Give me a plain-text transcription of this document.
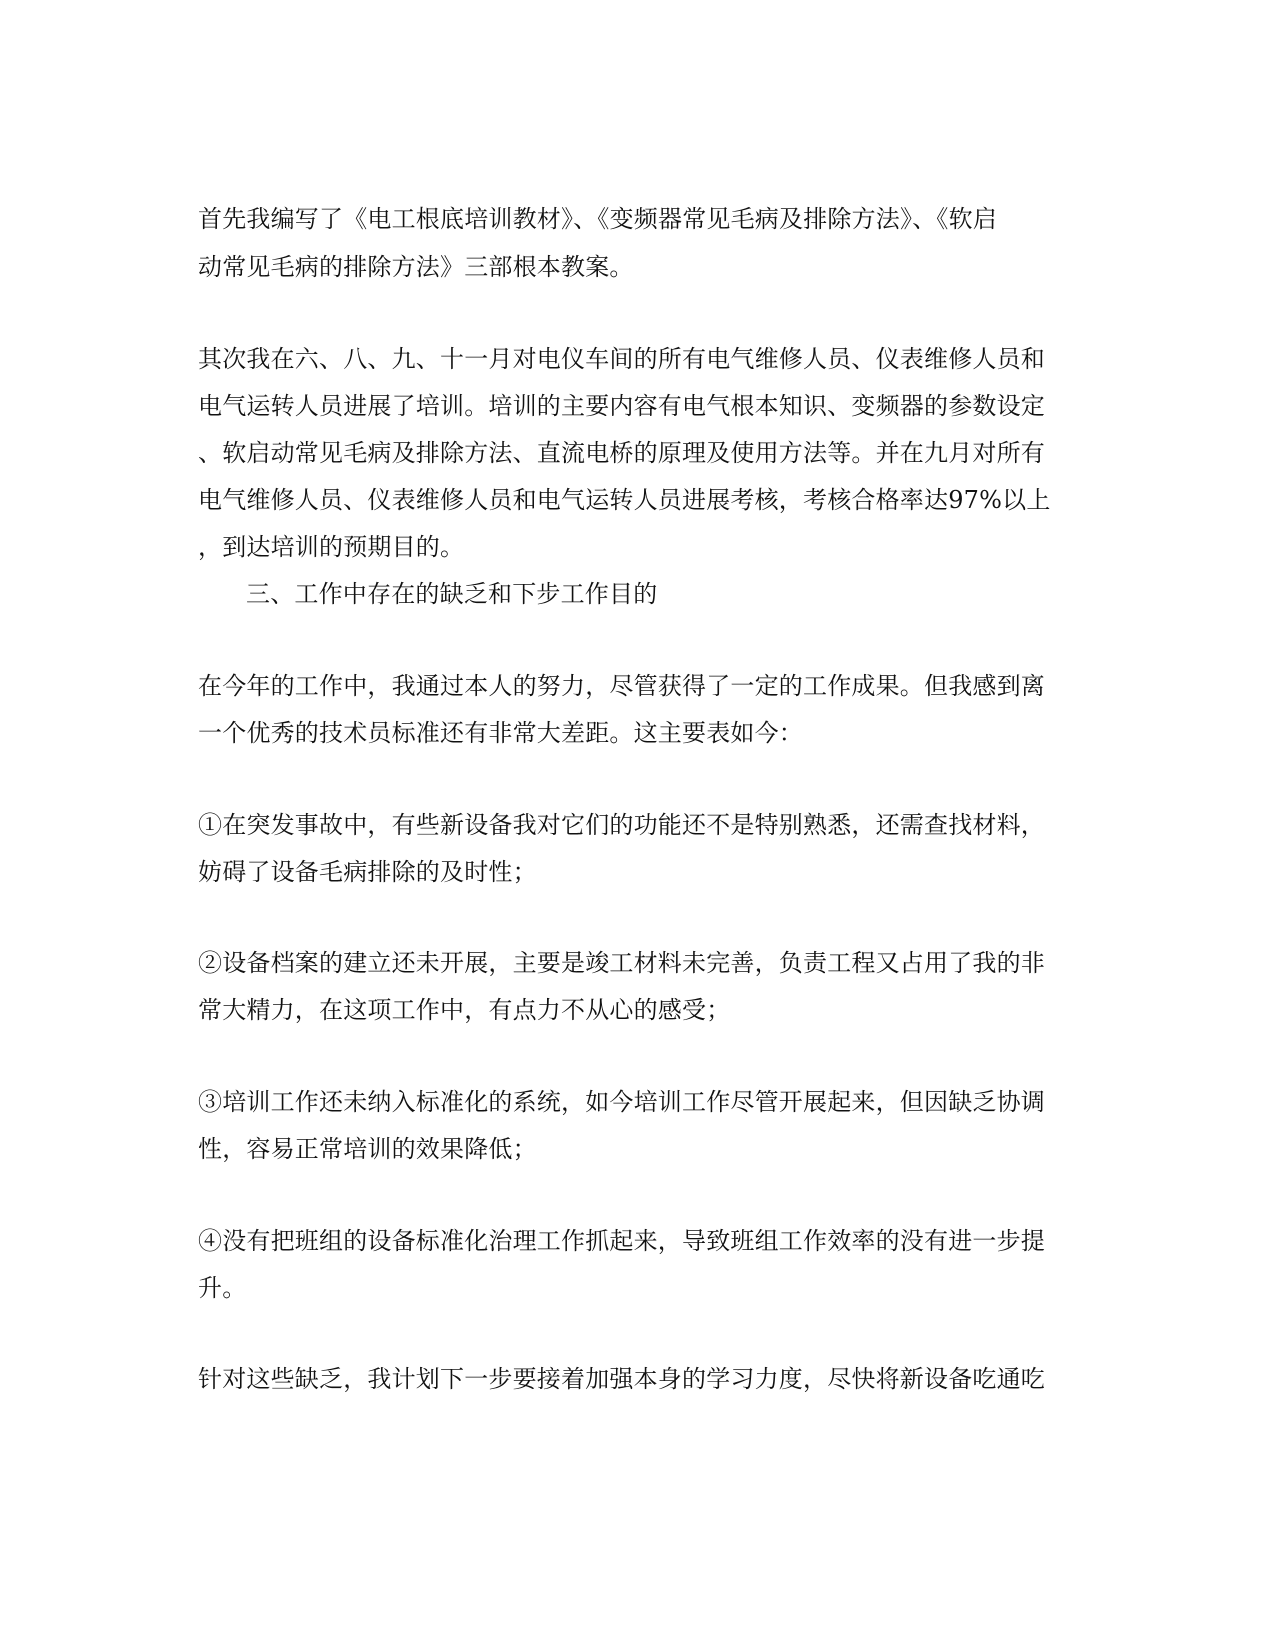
首先我编写了《电工根底培训教材》、《变频器常见毛病及排除方法》、《软启
动常见毛病的排除方法》三部根本教案。
其次我在六、八、九、十一月对电仪车间的所有电气维修人员、仪表维修人员和
电气运转人员进展了培训。培训的主要内容有电气根本知识、变频器的参数设定
、软启动常见毛病及排除方法、直流电桥的原理及使用方法等。并在九月对所有
电气维修人员、仪表维修人员和电气运转人员进展考核，考核合格率达97%以上
，到达培训的预期目的。
三、工作中存在的缺乏和下步工作目的
在今年的工作中，我通过本人的努力，尽管获得了一定的工作成果。但我感到离
一个优秀的技术员标准还有非常大差距。这主要表如今：
①在突发事故中，有些新设备我对它们的功能还不是特别熟悉，还需查找材料，
妨碍了设备毛病排除的及时性；
②设备档案的建立还未开展，主要是竣工材料未完善，负责工程又占用了我的非
常大精力，在这项工作中，有点力不从心的感受；
③培训工作还未纳入标准化的系统，如今培训工作尽管开展起来，但因缺乏协调
性，容易正常培训的效果降低；
④没有把班组的设备标准化治理工作抓起来，导致班组工作效率的没有进一步提
升。
针对这些缺乏，我计划下一步要接着加强本身的学习力度，尽快将新设备吃通吃
